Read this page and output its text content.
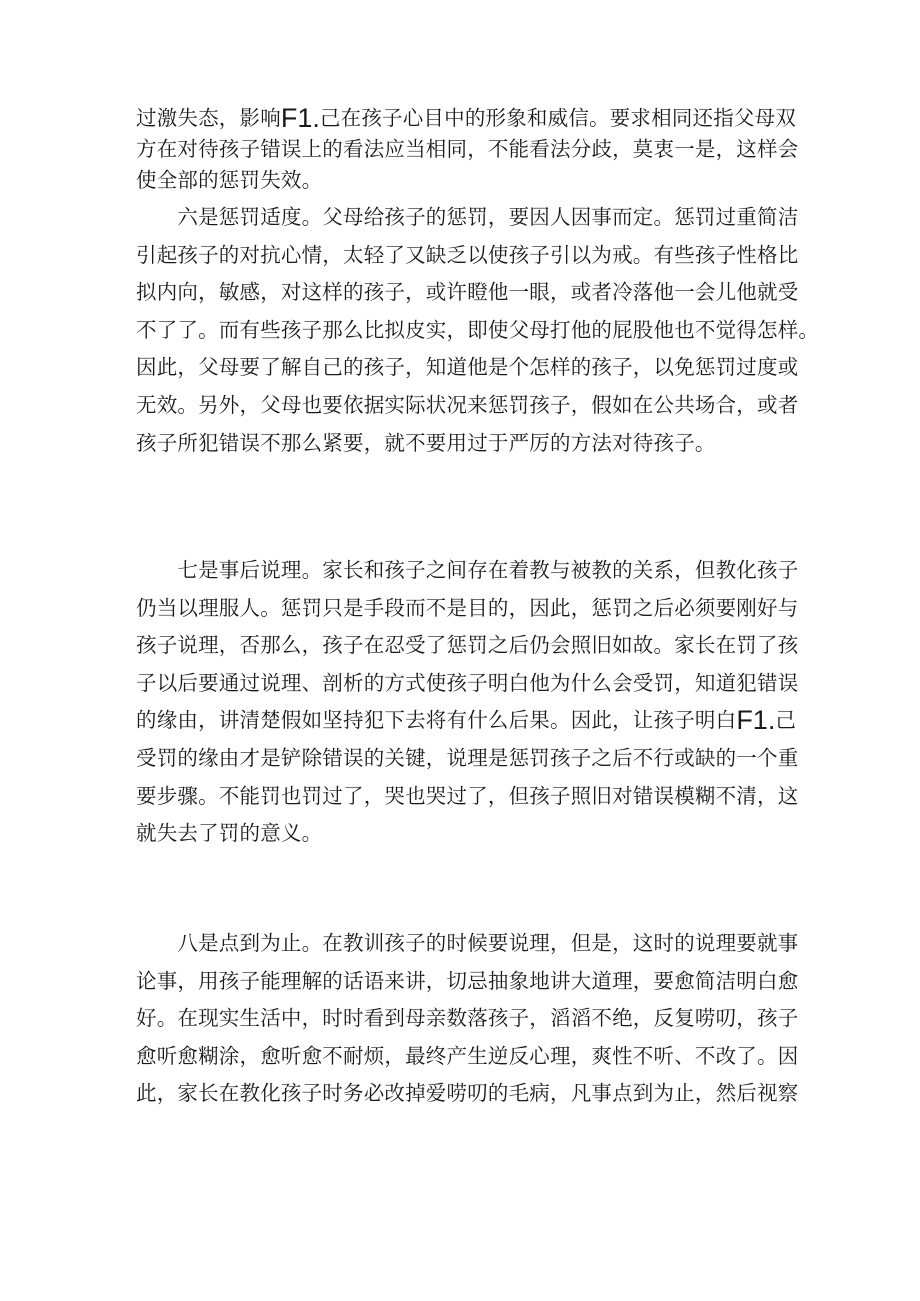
过激失态，影响F1.己在孩子心目中的形象和威信。要求相同还指父母双
方在对待孩子错误上的看法应当相同，不能看法分歧，莫衷一是，这样会
使全部的惩罚失效。
　　六是惩罚适度。父母给孩子的惩罚，要因人因事而定。惩罚过重简洁
引起孩子的对抗心情，太轻了又缺乏以使孩子引以为戒。有些孩子性格比
拟内向，敏感，对这样的孩子，或许瞪他一眼，或者冷落他一会儿他就受
不了了。而有些孩子那么比拟皮实，即使父母打他的屁股他也不觉得怎样。
因此，父母要了解自己的孩子，知道他是个怎样的孩子，以免惩罚过度或
无效。另外，父母也要依据实际状况来惩罚孩子，假如在公共场合，或者
孩子所犯错误不那么紧要，就不要用过于严厉的方法对待孩子。
　　七是事后说理。家长和孩子之间存在着教与被教的关系，但教化孩子
仍当以理服人。惩罚只是手段而不是目的，因此，惩罚之后必须要刚好与
孩子说理，否那么，孩子在忍受了惩罚之后仍会照旧如故。家长在罚了孩
子以后要通过说理、剖析的方式使孩子明白他为什么会受罚，知道犯错误
的缘由，讲清楚假如坚持犯下去将有什么后果。因此，让孩子明白F1.己
受罚的缘由才是铲除错误的关键，说理是惩罚孩子之后不行或缺的一个重
要步骤。不能罚也罚过了，哭也哭过了，但孩子照旧对错误模糊不清，这
就失去了罚的意义。
　　八是点到为止。在教训孩子的时候要说理，但是，这时的说理要就事
论事，用孩子能理解的话语来讲，切忌抽象地讲大道理，要愈简洁明白愈
好。在现实生活中，时时看到母亲数落孩子，滔滔不绝，反复唠叨，孩子
愈听愈糊涂，愈听愈不耐烦，最终产生逆反心理，爽性不听、不改了。因
此，家长在教化孩子时务必改掉爱唠叨的毛病，凡事点到为止，然后视察
